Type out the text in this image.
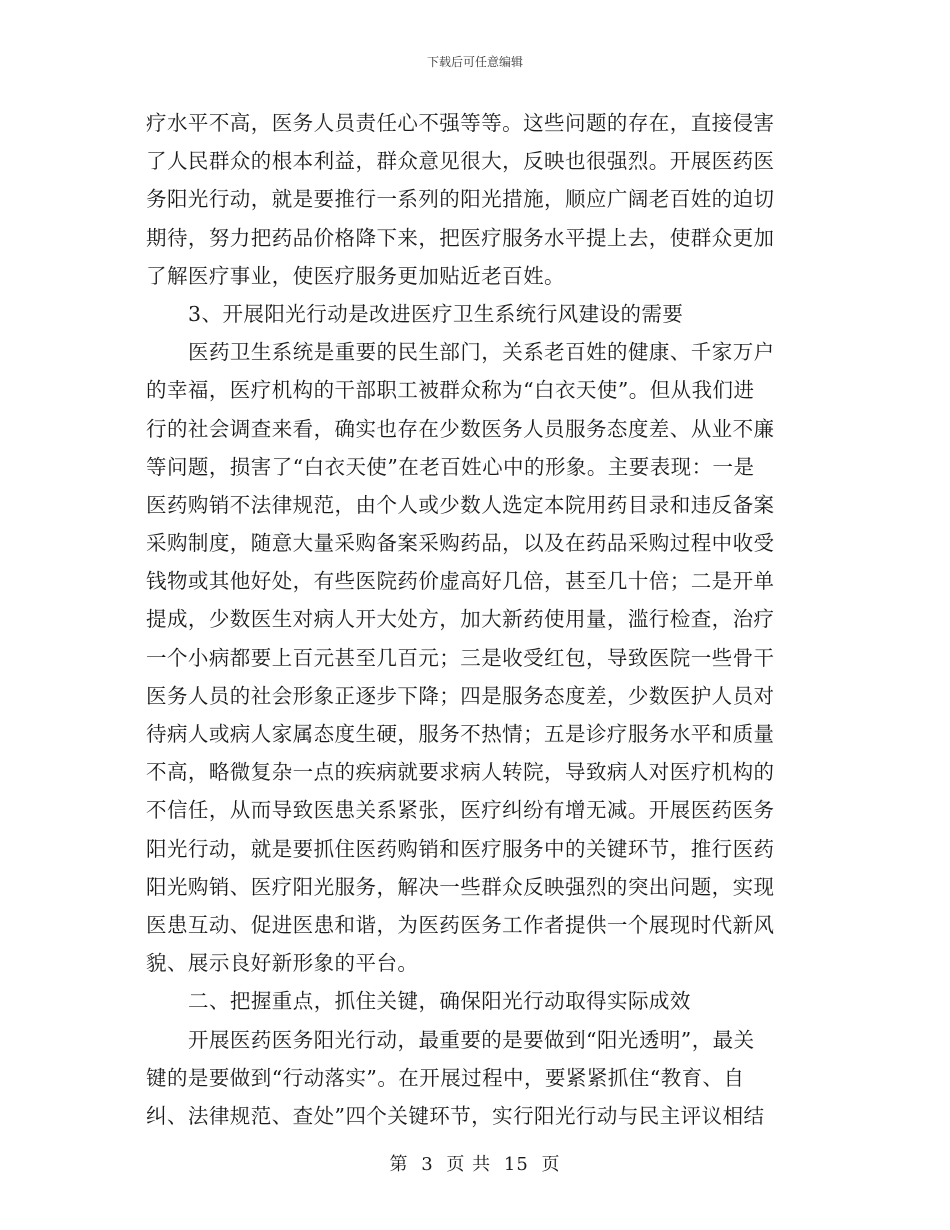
下载后可任意编辑
疗水平不高，医务人员责任心不强等等。这些问题的存在，直接侵害
了人民群众的根本利益，群众意见很大，反映也很强烈。开展医药医
务阳光行动，就是要推行一系列的阳光措施，顺应广阔老百姓的迫切
期待，努力把药品价格降下来，把医疗服务水平提上去，使群众更加
了解医疗事业，使医疗服务更加贴近老百姓。
3、开展阳光行动是改进医疗卫生系统行风建设的需要
医药卫生系统是重要的民生部门，关系老百姓的健康、千家万户
的幸福，医疗机构的干部职工被群众称为“白衣天使”。但从我们进
行的社会调查来看，确实也存在少数医务人员服务态度差、从业不廉
等问题，损害了“白衣天使”在老百姓心中的形象。主要表现：一是
医药购销不法律规范，由个人或少数人选定本院用药目录和违反备案
采购制度，随意大量采购备案采购药品，以及在药品采购过程中收受
钱物或其他好处，有些医院药价虚高好几倍，甚至几十倍；二是开单
提成，少数医生对病人开大处方，加大新药使用量，滥行检查，治疗
一个小病都要上百元甚至几百元；三是收受红包，导致医院一些骨干
医务人员的社会形象正逐步下降；四是服务态度差，少数医护人员对
待病人或病人家属态度生硬，服务不热情；五是诊疗服务水平和质量
不高，略微复杂一点的疾病就要求病人转院，导致病人对医疗机构的
不信任，从而导致医患关系紧张，医疗纠纷有增无减。开展医药医务
阳光行动，就是要抓住医药购销和医疗服务中的关键环节，推行医药
阳光购销、医疗阳光服务，解决一些群众反映强烈的突出问题，实现
医患互动、促进医患和谐，为医药医务工作者提供一个展现时代新风
貌、展示良好新形象的平台。
二、把握重点，抓住关键，确保阳光行动取得实际成效
开展医药医务阳光行动，最重要的是要做到“阳光透明”，最关
键的是要做到“行动落实”。在开展过程中，要紧紧抓住“教育、自
纠、法律规范、查处”四个关键环节，实行阳光行动与民主评议相结
第 3 页 共 15 页
